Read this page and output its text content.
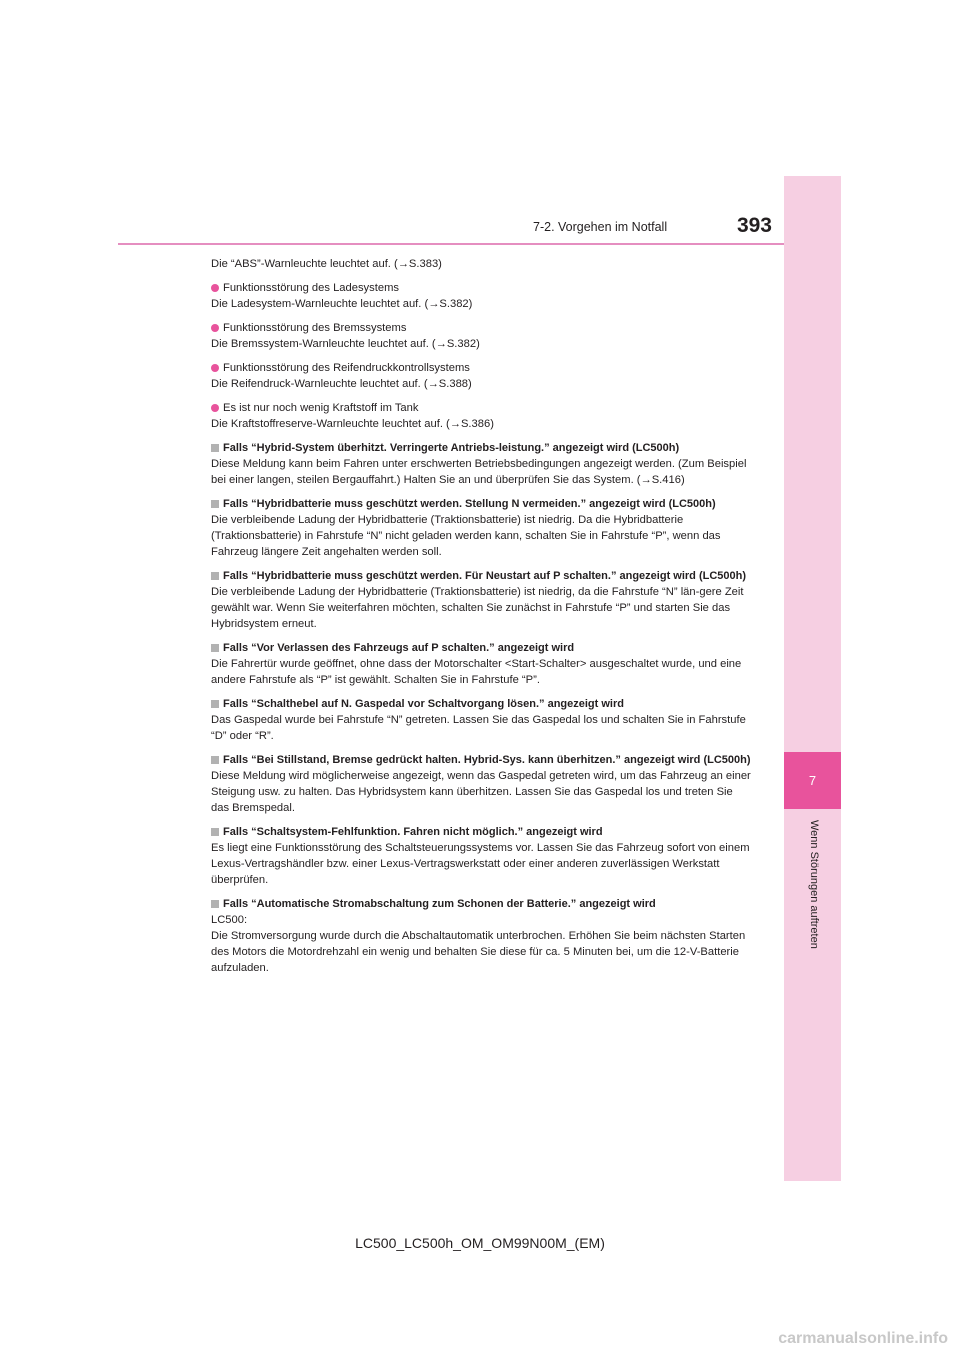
7-2. Vorgehen im Notfall	393
7
Wenn Störungen auftreten

Die “ABS”-Warnleuchte leuchtet auf. (→S.383)

Funktionsstörung des Ladesystems

Die Ladesystem-Warnleuchte leuchtet auf. (→S.382)

Funktionsstörung des Bremssystems

Die Bremssystem-Warnleuchte leuchtet auf. (→S.382)

Funktionsstörung des Reifendruckkontrollsystems

Die Reifendruck-Warnleuchte leuchtet auf. (→S.388)

Es ist nur noch wenig Kraftstoff im Tank

Die Kraftstoffreserve-Warnleuchte leuchtet auf. (→S.386)

Falls “Hybrid-System überhitzt. Verringerte Antriebs-leistung.” angezeigt wird (LC500h)

Diese Meldung kann beim Fahren unter erschwerten Betriebsbedingungen angezeigt werden. (Zum Beispiel bei einer langen, steilen Bergauffahrt.) Halten Sie an und überprüfen Sie das System. (→S.416)

Falls “Hybridbatterie muss geschützt werden. Stellung N vermeiden.” angezeigt wird (LC500h)

Die verbleibende Ladung der Hybridbatterie (Traktionsbatterie) ist niedrig. Da die Hybridbatterie (Traktionsbatterie) in Fahrstufe “N” nicht geladen werden kann, schalten Sie in Fahrstufe “P”, wenn das Fahrzeug längere Zeit angehalten werden soll.

Falls “Hybridbatterie muss geschützt werden. Für Neustart auf P schalten.” angezeigt wird (LC500h)

Die verbleibende Ladung der Hybridbatterie (Traktionsbatterie) ist niedrig, da die Fahrstufe “N” län-gere Zeit gewählt war. Wenn Sie weiterfahren möchten, schalten Sie zunächst in Fahrstufe “P” und starten Sie das Hybridsystem erneut.

Falls “Vor Verlassen des Fahrzeugs auf P schalten.” angezeigt wird

Die Fahrertür wurde geöffnet, ohne dass der Motorschalter <Start-Schalter> ausgeschaltet wurde, und eine andere Fahrstufe als “P” ist gewählt. Schalten Sie in Fahrstufe “P”.

Falls “Schalthebel auf N. Gaspedal vor Schaltvorgang lösen.” angezeigt wird

Das Gaspedal wurde bei Fahrstufe “N” getreten. Lassen Sie das Gaspedal los und schalten Sie in Fahrstufe “D” oder “R”.

Falls “Bei Stillstand, Bremse gedrückt halten. Hybrid-Sys. kann überhitzen.” angezeigt wird (LC500h)

Diese Meldung wird möglicherweise angezeigt, wenn das Gaspedal getreten wird, um das Fahrzeug an einer Steigung usw. zu halten. Das Hybridsystem kann überhitzen. Lassen Sie das Gaspedal los und treten Sie das Bremspedal.

Falls “Schaltsystem-Fehlfunktion. Fahren nicht möglich.” angezeigt wird

Es liegt eine Funktionsstörung des Schaltsteuerungssystems vor. Lassen Sie das Fahrzeug sofort von einem Lexus-Vertragshändler bzw. einer Lexus-Vertragswerkstatt oder einer anderen zuverlässigen Werkstatt überprüfen.

Falls “Automatische Stromabschaltung zum Schonen der Batterie.” angezeigt wird

LC500:

Die Stromversorgung wurde durch die Abschaltautomatik unterbrochen. Erhöhen Sie beim nächsten Starten des Motors die Motordrehzahl ein wenig und behalten Sie diese für ca. 5 Minuten bei, um die 12-V-Batterie aufzuladen.

LC500_LC500h_OM_OM99N00M_(EM)
carmanualsonline.info
